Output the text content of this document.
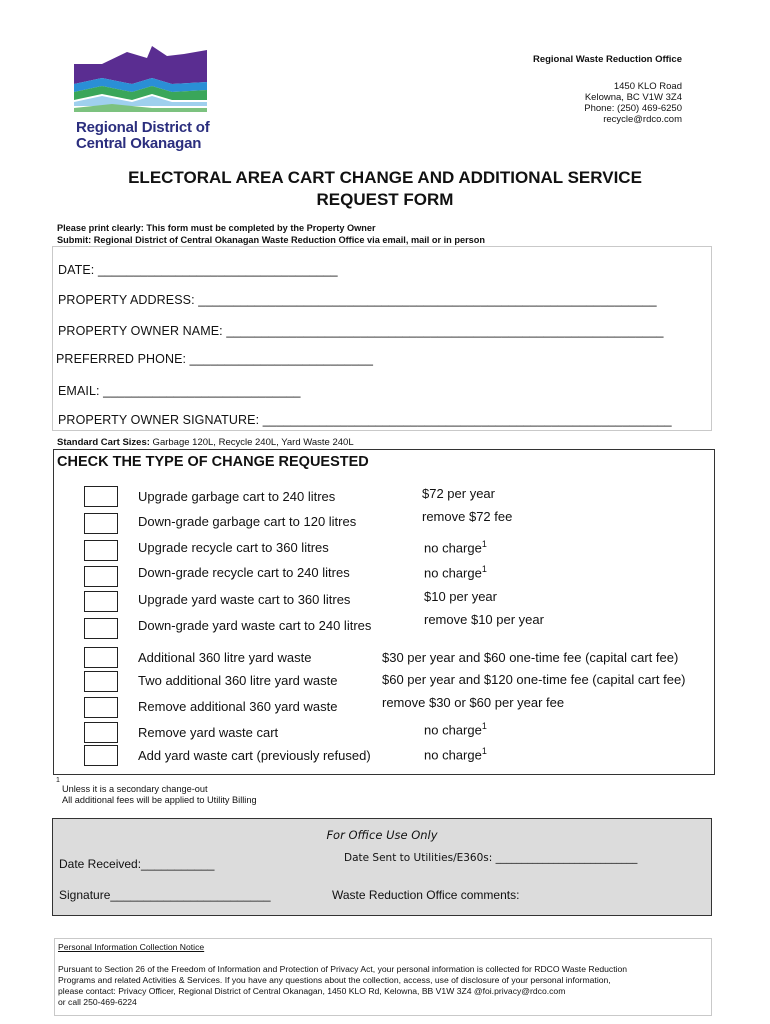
Regional District of
Central Okanagan
Regional Waste Reduction Office
1450 KLO Road
Kelowna, BC V1W 3Z4
Phone: (250) 469-6250
recycle@rdco.com
ELECTORAL AREA CART CHANGE AND ADDITIONAL SERVICE
REQUEST FORM
Please print clearly: This form must be completed by the Property Owner
Submit: Regional District of Central Okanagan Waste Reduction Office via email, mail or in person
DATE: __________________________________
PROPERTY ADDRESS: _________________________________________________________________
PROPERTY OWNER NAME: ______________________________________________________________
PREFERRED PHONE: __________________________
EMAIL: ____________________________
PROPERTY OWNER SIGNATURE: __________________________________________________________
Standard Cart Sizes: Garbage 120L, Recycle 240L, Yard Waste 240L
CHECK THE TYPE OF CHANGE REQUESTED
Upgrade garbage cart to 240 litres	$72 per year
Down-grade garbage cart to 120 litres	remove $72 fee
Upgrade recycle cart to 360 litres	no charge$^1$
Down-grade recycle cart to 240 litres	no charge$^1$
Upgrade yard waste cart to 360 litres	$10 per year
Down-grade yard waste cart to 240 litres	remove $10 per year
Additional 360 litre yard waste	$30 per year and $60 one-time fee (capital cart fee)
Two additional 360 litre yard waste	$60 per year and $120 one-time fee (capital cart fee)
Remove additional 360 yard waste	remove $30 or $60 per year fee
Remove yard waste cart	no charge$^1$
Add yard waste cart (previously refused)	no charge$^1$
1
Unless it is a secondary change-out
All additional fees will be applied to Utility Billing
For Office Use Only
Date Received:___________	Date Sent to Utilities/E360s: ___________________________
Signature________________________	Waste Reduction Office comments:
Personal Information Collection Notice
Pursuant to Section 26 of the Freedom of Information and Protection of Privacy Act, your personal information is collected for RDCO Waste Reduction
Programs and related Activities & Services. If you have any questions about the collection, access, use of disclosure of your personal information,
please contact: Privacy Officer, Regional District of Central Okanagan, 1450 KLO Rd, Kelowna, BB V1W 3Z4 @foi.privacy@rdco.com
or call 250-469-6224
